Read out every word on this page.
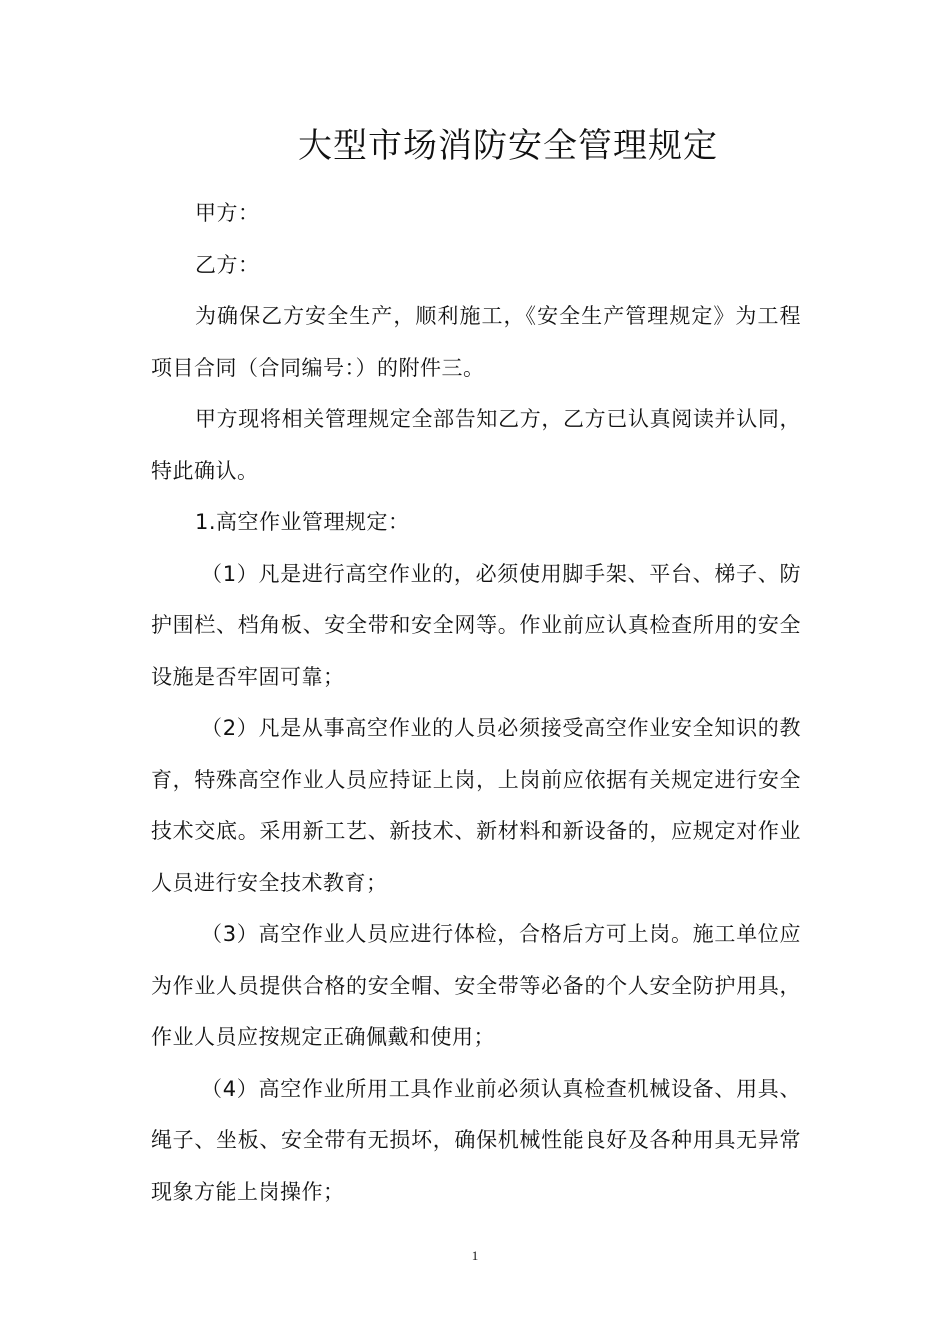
大型市场消防安全管理规定

甲方：

乙方：

为确保乙方安全生产，顺利施工，《安全生产管理规定》为工程项目合同（合同编号：）的附件三。

甲方现将相关管理规定全部告知乙方，乙方已认真阅读并认同，特此确认。

1.高空作业管理规定：

（1）凡是进行高空作业的，必须使用脚手架、平台、梯子、防护围栏、档角板、安全带和安全网等。作业前应认真检查所用的安全设施是否牢固可靠；

（2）凡是从事高空作业的人员必须接受高空作业安全知识的教育，特殊高空作业人员应持证上岗，上岗前应依据有关规定进行安全技术交底。采用新工艺、新技术、新材料和新设备的，应规定对作业人员进行安全技术教育；

（3）高空作业人员应进行体检，合格后方可上岗。施工单位应为作业人员提供合格的安全帽、安全带等必备的个人安全防护用具，作业人员应按规定正确佩戴和使用；

（4）高空作业所用工具作业前必须认真检查机械设备、用具、绳子、坐板、安全带有无损坏，确保机械性能良好及各种用具无异常现象方能上岗操作；

1
